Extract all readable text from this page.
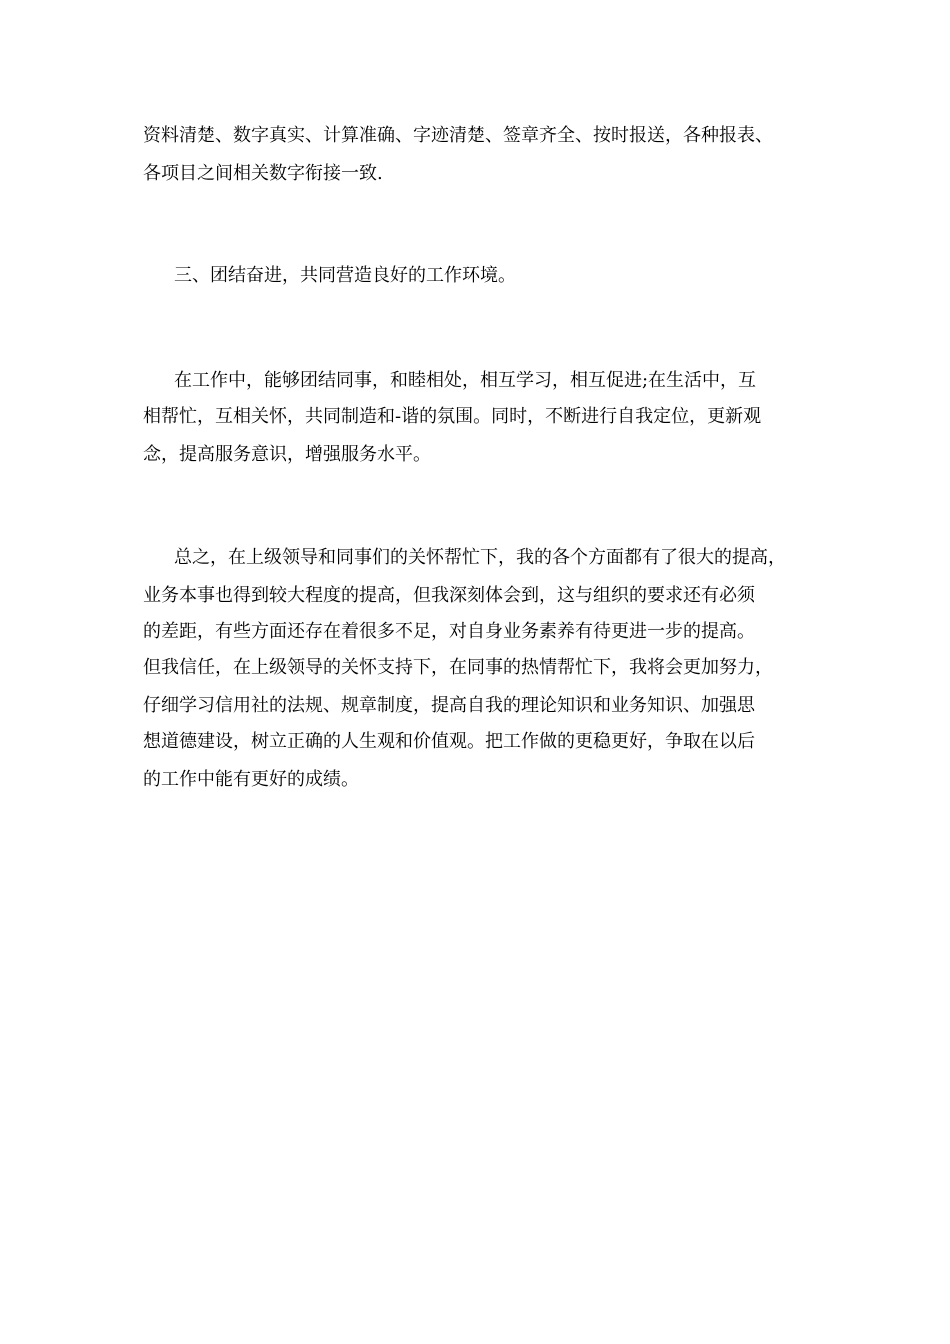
资料清楚、数字真实、计算准确、字迹清楚、签章齐全、按时报送，各种报表、

各项目之间相关数字衔接一致.

三、团结奋进，共同营造良好的工作环境。

在工作中，能够团结同事，和睦相处，相互学习，相互促进;在生活中，互

相帮忙，互相关怀，共同制造和-谐的氛围。同时，不断进行自我定位，更新观

念，提高服务意识，增强服务水平。

总之，在上级领导和同事们的关怀帮忙下，我的各个方面都有了很大的提高，

业务本事也得到较大程度的提高，但我深刻体会到，这与组织的要求还有必须

的差距，有些方面还存在着很多不足，对自身业务素养有待更进一步的提高。

但我信任，在上级领导的关怀支持下，在同事的热情帮忙下，我将会更加努力，

仔细学习信用社的法规、规章制度，提高自我的理论知识和业务知识、加强思

想道德建设，树立正确的人生观和价值观。把工作做的更稳更好，争取在以后

的工作中能有更好的成绩。
